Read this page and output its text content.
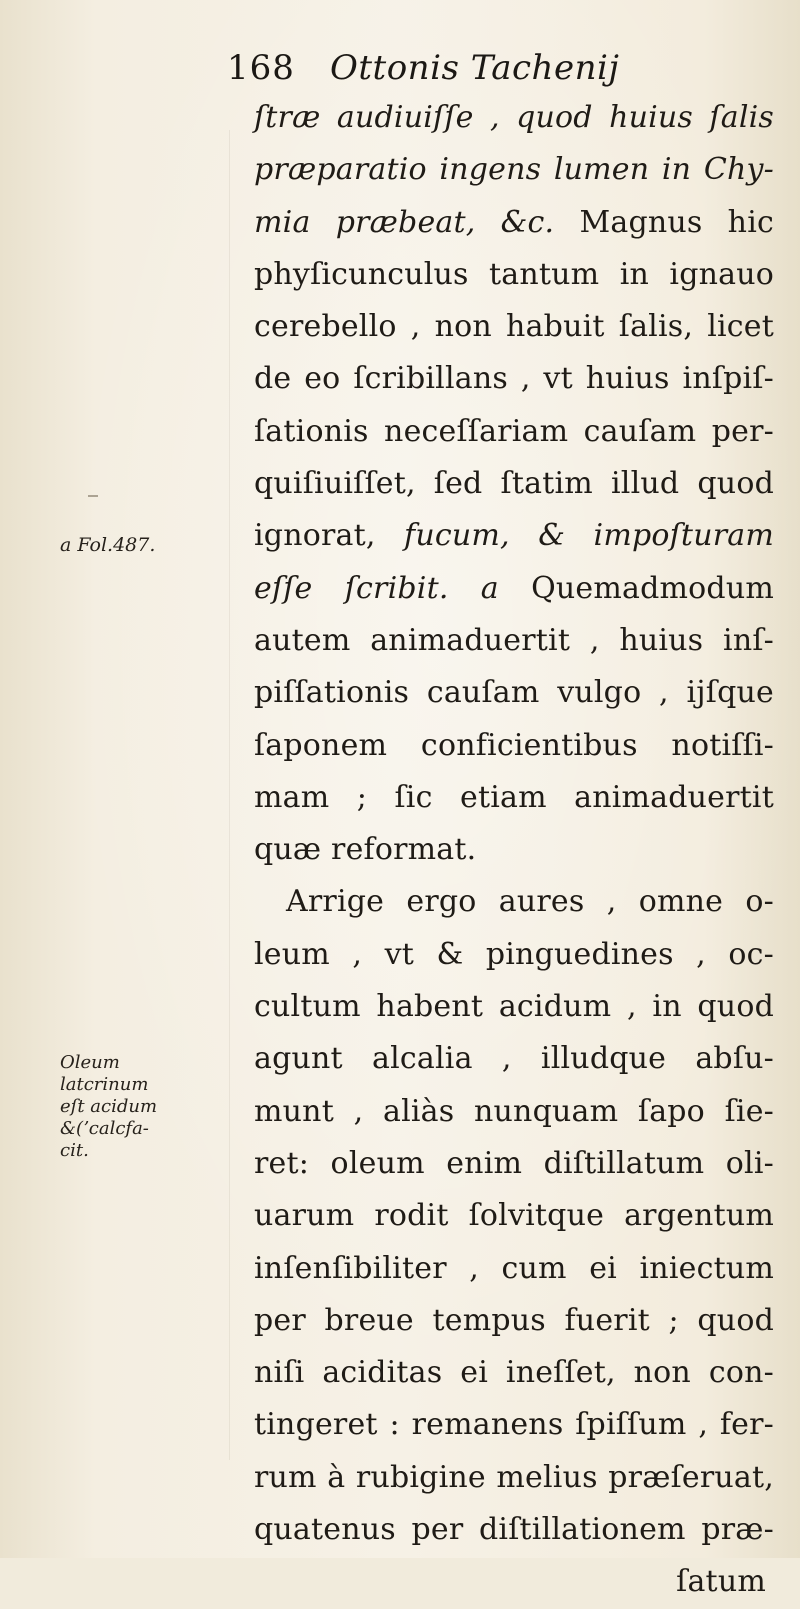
168 Ottonis Tachenij
a Fol.487.
Oleum
latcrinum
eſt acidum
&(ʼcalcfa-
cit.
ſtræ audiuiſſe , quod huius ſalis
præparatio ingens lumen in Chy-
mia præbeat, &c. Magnus hic
phyſicunculus tantum in ignauo
cerebello , non habuit ſalis, licet
de eo ſcribillans , vt huius inſpiſ-
ſationis neceſſariam cauſam per-
quiſiuiſſet, ſed ſtatim illud quod
ignorat, fucum, & impoſturam
eſſe ſcribit. a Quemadmodum
autem animaduertit , huius inſ-
piſſationis cauſam vulgo , ijſque
ſaponem conficientibus notiſſi-
mam ; ſic etiam animaduertit
quæ reformat.
Arrige ergo aures , omne o-
leum , vt & pinguedines , oc-
cultum habent acidum , in quod
agunt alcalia , illudque abſu-
munt , aliàs nunquam ſapo ſie-
ret: oleum enim diſtillatum oli-
uarum rodit ſolvitque argentum
inſenſibiliter , cum ei iniectum
per breue tempus fuerit ; quod
niſi aciditas ei ineſſet, non con-
tingeret : remanens ſpiſſum , fer-
rum à rubigine melius præſeruat,
quatenus per diſtillationem præ-
ſatum
